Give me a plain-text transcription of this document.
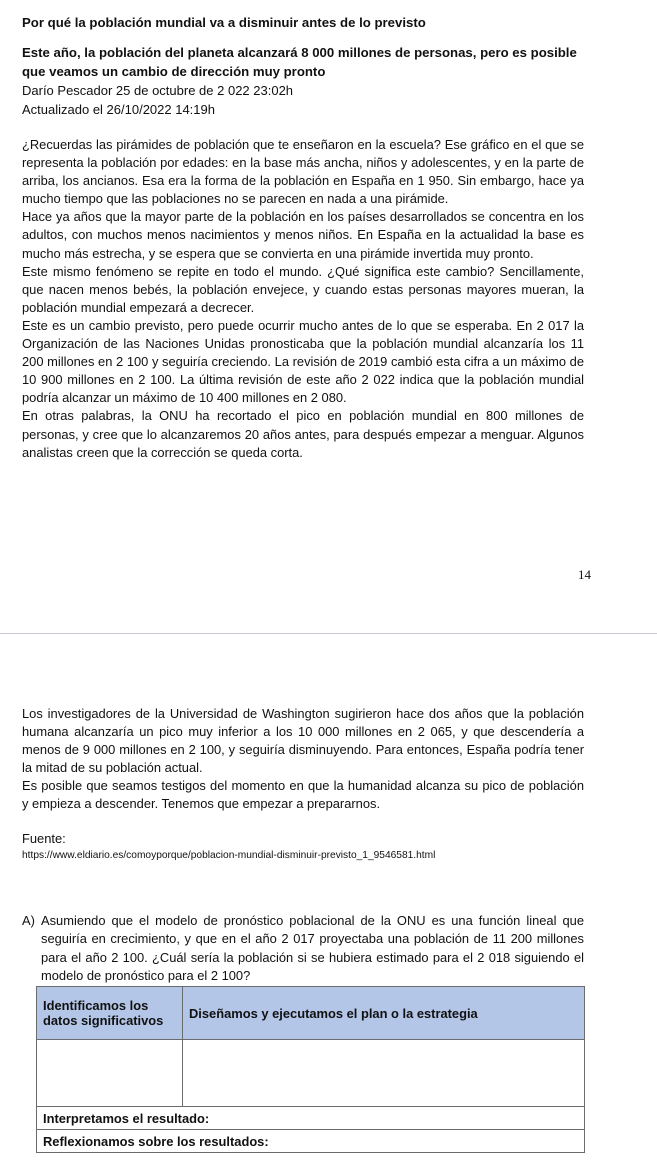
Por qué la población mundial va a disminuir antes de lo previsto
Este año, la población del planeta alcanzará 8 000 millones de personas, pero es posible que veamos un cambio de dirección muy pronto
Darío Pescador 25 de octubre de 2 022 23:02h
Actualizado el 26/10/2022 14:19h
¿Recuerdas las pirámides de población que te enseñaron en la escuela? Ese gráfico en el que se representa la población por edades: en la base más ancha, niños y adolescentes, y en la parte de arriba, los ancianos. Esa era la forma de la población en España en 1 950. Sin embargo, hace ya mucho tiempo que las poblaciones no se parecen en nada a una pirámide.
Hace ya años que la mayor parte de la población en los países desarrollados se concentra en los adultos, con muchos menos nacimientos y menos niños. En España en la actualidad la base es mucho más estrecha, y se espera que se convierta en una pirámide invertida muy pronto.
Este mismo fenómeno se repite en todo el mundo. ¿Qué significa este cambio? Sencillamente, que nacen menos bebés, la población envejece, y cuando estas personas mayores mueran, la población mundial empezará a decrecer.
Este es un cambio previsto, pero puede ocurrir mucho antes de lo que se esperaba. En 2 017 la Organización de las Naciones Unidas pronosticaba que la población mundial alcanzaría los 11 200 millones en 2 100 y seguiría creciendo. La revisión de 2019 cambió esta cifra a un máximo de 10 900 millones en 2 100. La última revisión de este año 2 022 indica que la población mundial podría alcanzar un máximo de 10 400 millones en 2 080.
En otras palabras, la ONU ha recortado el pico en población mundial en 800 millones de personas, y cree que lo alcanzaremos 20 años antes, para después empezar a menguar. Algunos analistas creen que la corrección se queda corta.
14
Los investigadores de la Universidad de Washington sugirieron hace dos años que la población humana alcanzaría un pico muy inferior a los 10 000 millones en 2 065, y que descendería a menos de 9 000 millones en 2 100, y seguiría disminuyendo. Para entonces, España podría tener la mitad de su población actual.
Es posible que seamos testigos del momento en que la humanidad alcanza su pico de población y empieza a descender. Tenemos que empezar a prepararnos.
Fuente:
https://www.eldiario.es/comoyporque/poblacion-mundial-disminuir-previsto_1_9546581.html
A) Asumiendo que el modelo de pronóstico poblacional de la ONU es una función lineal que seguiría en crecimiento, y que en el año 2 017 proyectaba una población de 11 200 millones para el año 2 100. ¿Cuál sería la población si se hubiera estimado para el 2 018 siguiendo el modelo de pronóstico para el 2 100?
Identificamos los datos significativos	Diseñamos y ejecutamos el plan o la estrategia

Interpretamos el resultado:	
Reflexionamos sobre los resultados:	
